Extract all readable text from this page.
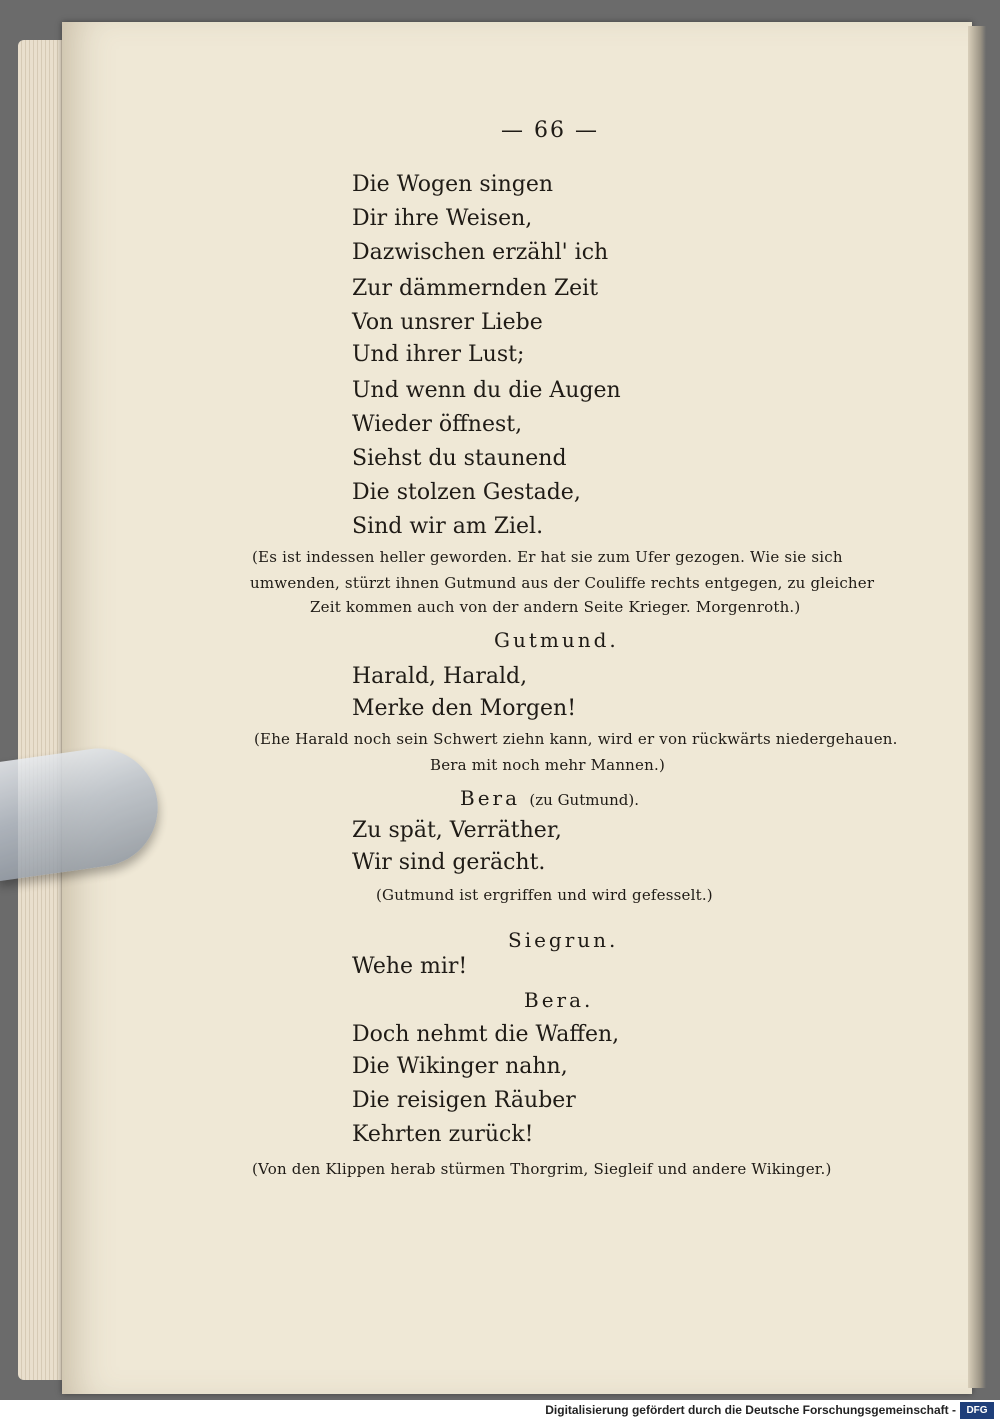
— 66 —
Die Wogen singen
Dir ihre Weisen,
Dazwischen erzähl' ich
Zur dämmernden Zeit
Von unsrer Liebe
Und ihrer Lust;
Und wenn du die Augen
Wieder öffnest,
Siehst du staunend
Die stolzen Gestade,
Sind wir am Ziel.
(Es ist indessen heller geworden. Er hat sie zum Ufer gezogen. Wie sie sich
umwenden, stürzt ihnen Gutmund aus der Couliffe rechts entgegen, zu gleicher
Zeit kommen auch von der andern Seite Krieger. Morgenroth.)
Gutmund.
Harald, Harald,
Merke den Morgen!
(Ehe Harald noch sein Schwert ziehn kann, wird er von rückwärts niedergehauen.
Bera mit noch mehr Mannen.)
Bera (zu Gutmund).
Zu spät, Verräther,
Wir sind gerächt.
(Gutmund ist ergriffen und wird gefesselt.)
Siegrun.
Wehe mir!
Bera.
Doch nehmt die Waffen,
Die Wikinger nahn,
Die reisigen Räuber
Kehrten zurück!
(Von den Klippen herab stürmen Thorgrim, Siegleif und andere Wikinger.)
Digitalisierung gefördert durch die Deutsche Forschungsgemeinschaft -	DFG
